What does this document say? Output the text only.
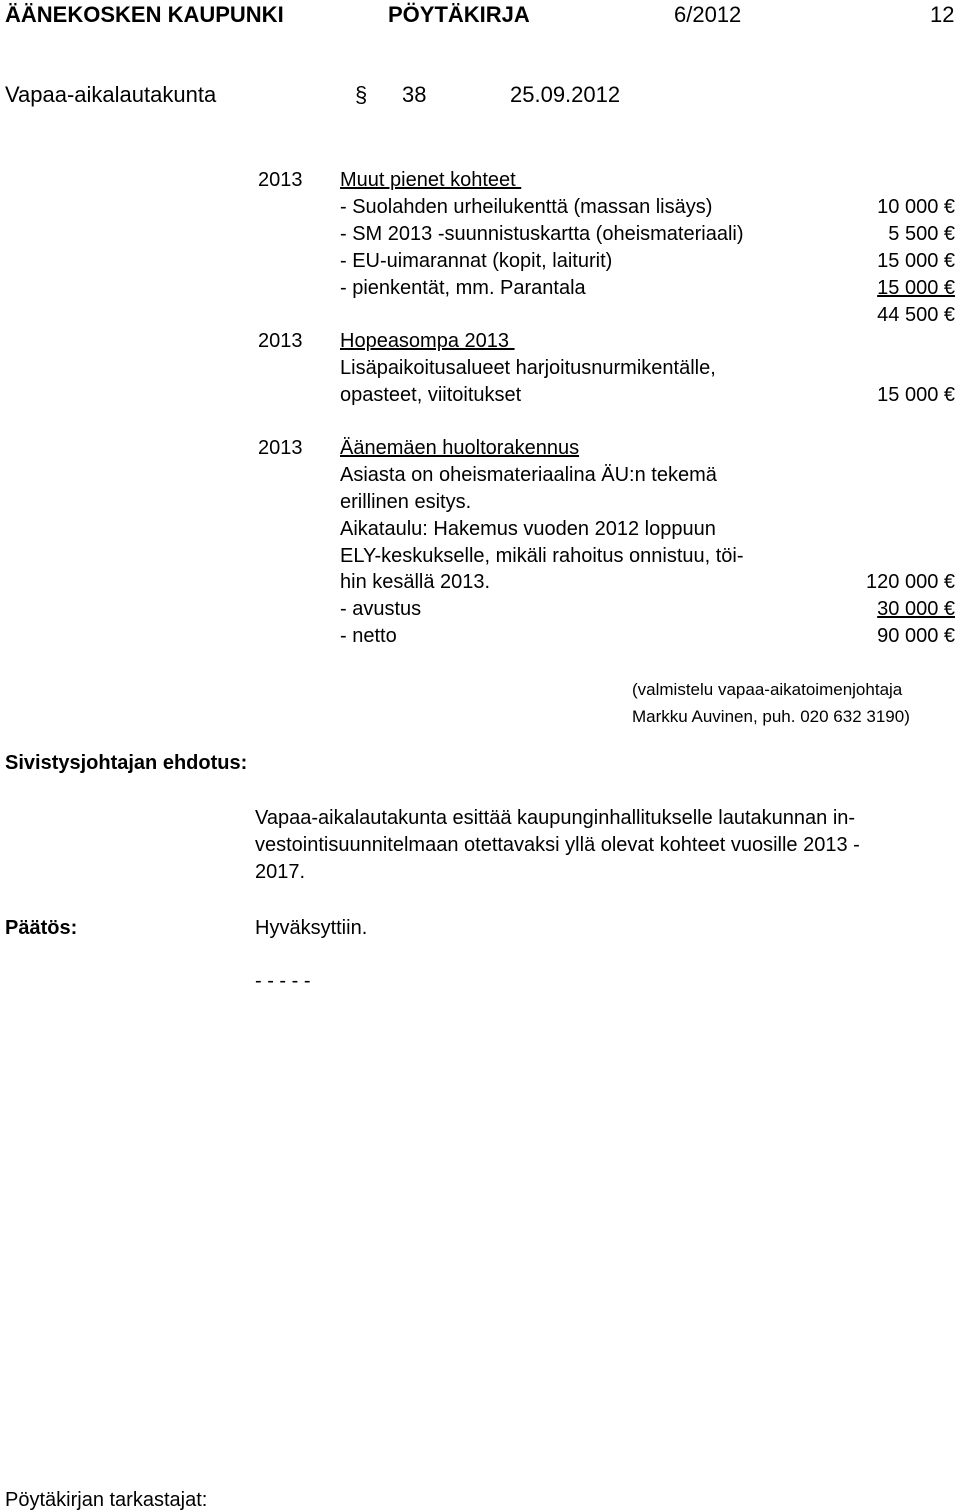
ÄÄNEKOSKEN KAUPUNKI	PÖYTÄKIRJA	6/2012	12
Vapaa-aikalautakunta	§ 38	25.09.2012
2013 Muut pienet kohteet
- Suolahden urheilukenttä (massan lisäys)	10 000 €
- SM 2013 -suunnistuskartta (oheismateriaali)	5 500 €
- EU-uimarannat (kopit, laiturit)	15 000 €
- pienkentät, mm. Parantala	15 000 €
44 500 €
2013 Hopeasompa 2013
Lisäpaikoitusalueet harjoitusnurmikentälle,
opasteet, viitoitukset	15 000 €
2013 Äänemäen huoltorakennus
Asiasta on oheismateriaalina ÄU:n tekemä
erillinen esitys.
Aikataulu: Hakemus vuoden 2012 loppuun
ELY-keskukselle, mikäli rahoitus onnistuu, töi-
hin kesällä 2013.	120 000 €
- avustus	30 000 €
- netto	90 000 €
(valmistelu vapaa-aikatoimenjohtaja
Markku Auvinen, puh. 020 632 3190)
Sivistysjohtajan ehdotus:
Vapaa-aikalautakunta esittää kaupunginhallitukselle lautakunnan in-
vestointisuunnitelmaan otettavaksi yllä olevat kohteet vuosille 2013 -
2017.
Päätös:	Hyväksyttiin.
- - - - -
Pöytäkirjan tarkastajat:
